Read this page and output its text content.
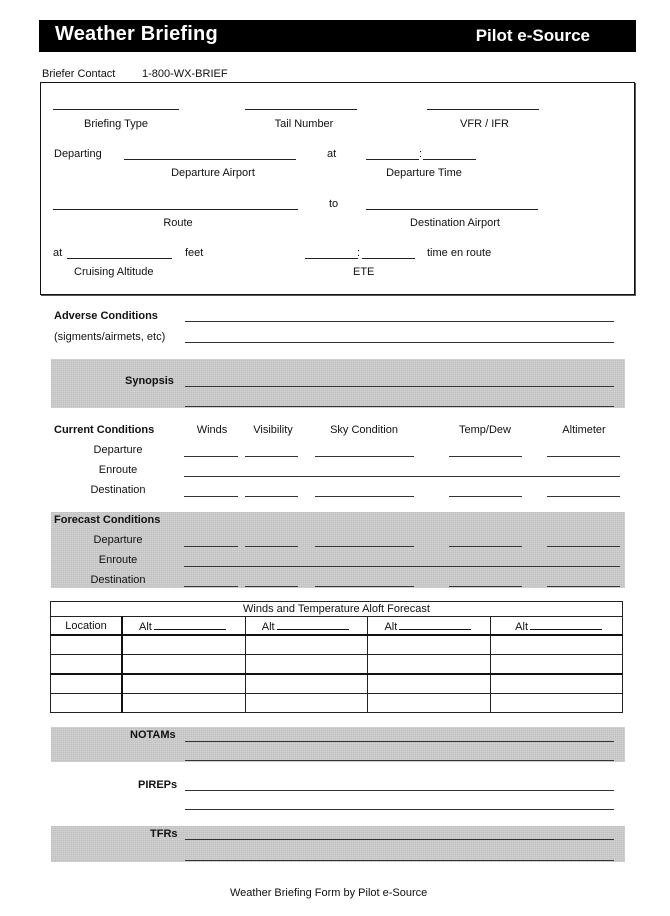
Weather Briefing	Pilot e-Source
Briefer Contact 1-800-WX-BRIEF
Briefing Type	Tail Number	VFR / IFR
Departing	at	:
Departure Airport	Departure Time
to
Route	Destination Airport
at	feet	:	time en route
Cruising Altitude	ETE
Adverse Conditions
(sigments/airmets, etc)
Synopsis
Current Conditions	Winds	Visibility	Sky Condition	Temp/Dew	Altimeter
Departure
Enroute
Destination
Forecast Conditions
Departure
Enroute
Destination
Winds and Temperature Aloft Forecast				
Location	Alt	Alt	Alt	Alt

NOTAMs
PIREPs
TFRs
Weather Briefing Form by Pilot e-Source
